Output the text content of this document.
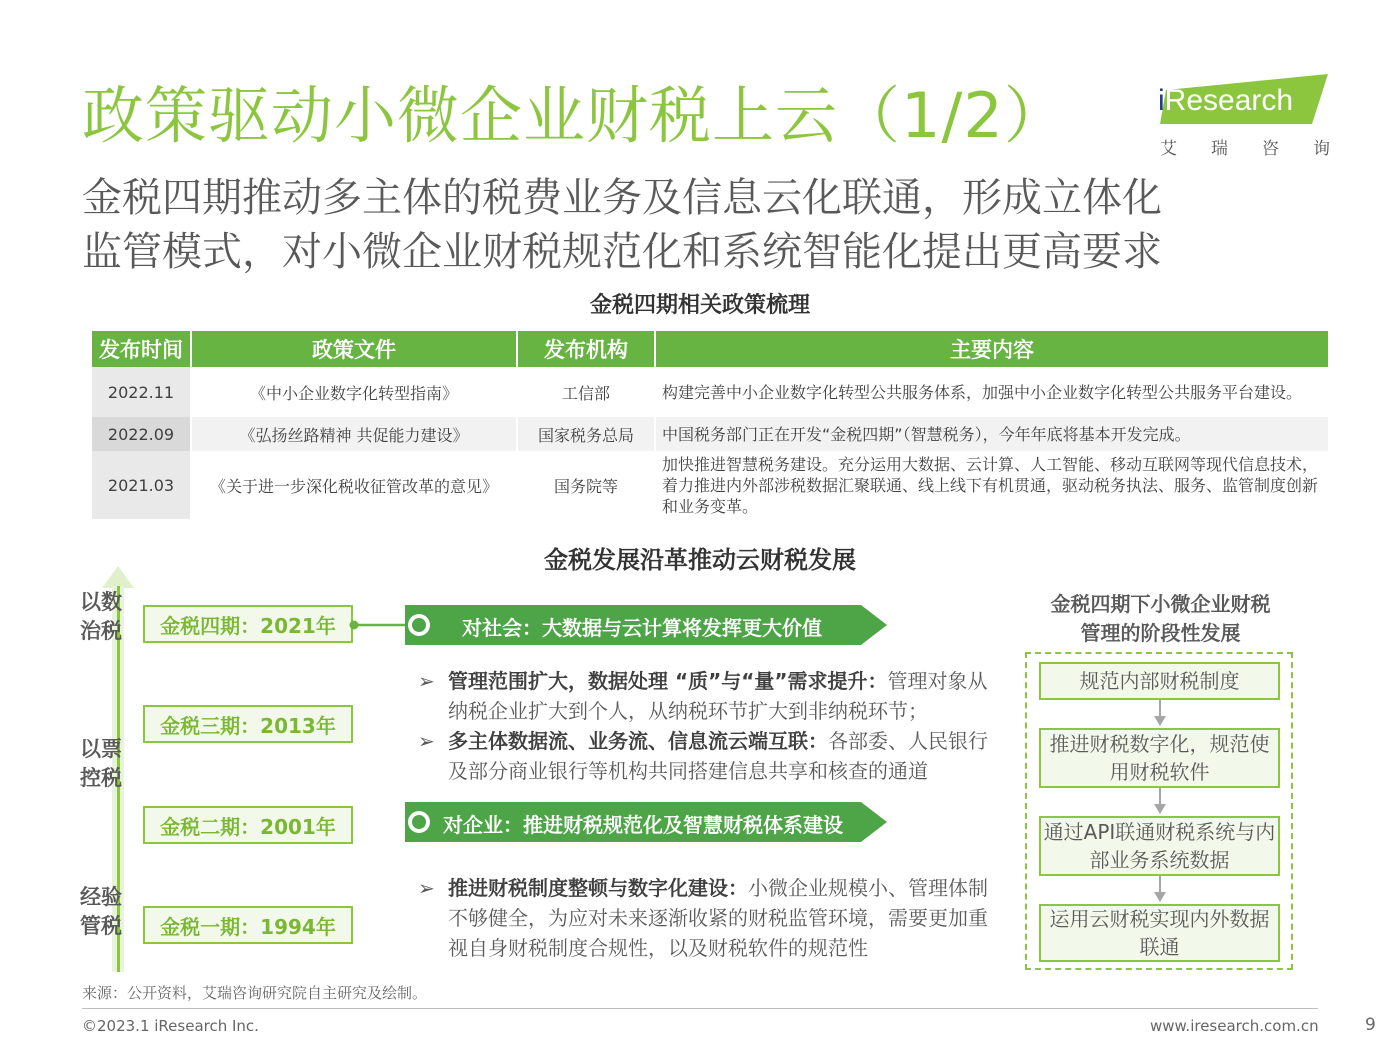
政策驱动小微企业财税上云（1/2）
金税四期推动多主体的税费业务及信息云化联通，形成立体化
监管模式，对小微企业财税规范化和系统智能化提出更高要求
iResearch
艾 瑞 咨 询
金税四期相关政策梳理
发布时间	政策文件	发布机构	主要内容
2022.11	《中小企业数字化转型指南》	工信部	构建完善中小企业数字化转型公共服务体系，加强中小企业数字化转型公共服务平台建设。
2022.09	《弘扬丝路精神 共促能力建设》	国家税务总局	中国税务部门正在开发“金税四期”（智慧税务），今年年底将基本开发完成。
2021.03	《关于进一步深化税收征管改革的意见》	国务院等	加快推进智慧税务建设。充分运用大数据、云计算、人工智能、移动互联网等现代信息技术，着力推进内外部涉税数据汇聚联通、线上线下有机贯通，驱动税务执法、服务、监管制度创新和业务变革。
金税发展沿革推动云财税发展
以数
治税
以票
控税
经验
管税
金税四期：2021年
金税三期：2013年
金税二期：2001年
金税一期：1994年
对社会：大数据与云计算将发挥更大价值
➢ 管理范围扩大，数据处理 “质”与“量”需求提升：管理对象从纳税企业扩大到个人，从纳税环节扩大到非纳税环节；
➢ 多主体数据流、业务流、信息流云端互联：各部委、人民银行及部分商业银行等机构共同搭建信息共享和核查的通道
对企业：推进财税规范化及智慧财税体系建设
➢ 推进财税制度整顿与数字化建设：小微企业规模小、管理体制不够健全，为应对未来逐渐收紧的财税监管环境，需要更加重视自身财税制度合规性，以及财税软件的规范性
金税四期下小微企业财税
管理的阶段性发展
规范内部财税制度
推进财税数字化，规范使用财税软件
通过API联通财税系统与内部业务系统数据
运用云财税实现内外数据联通
来源：公开资料，艾瑞咨询研究院自主研究及绘制。
©2023.1 iResearch Inc.	www.iresearch.com.cn	9
